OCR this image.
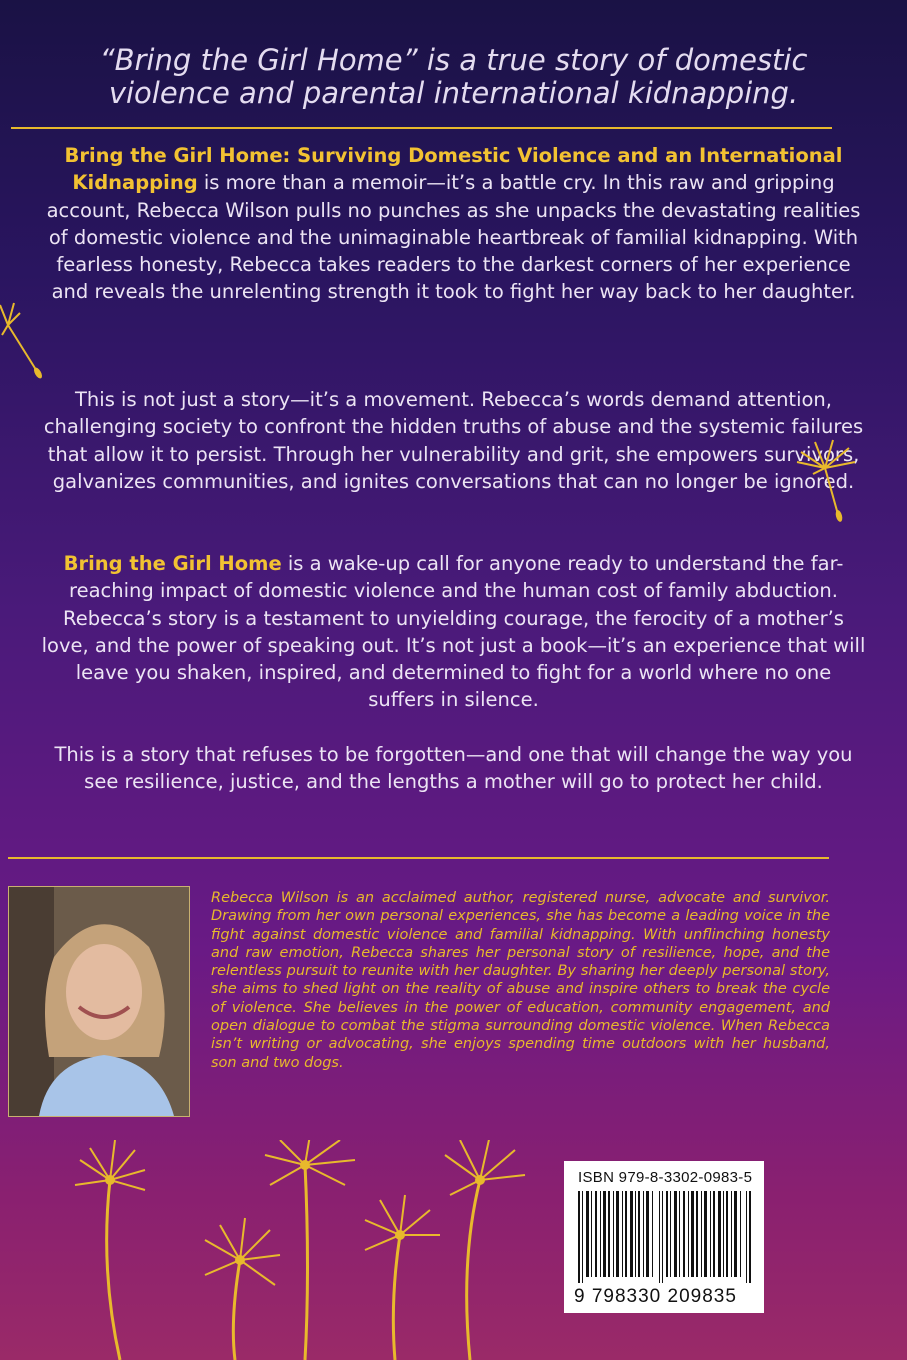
“Bring the Girl Home” is a true story of domestic violence and parental international kidnapping.

Bring the Girl Home: Surviving Domestic Violence and an International Kidnapping is more than a memoir—it’s a battle cry. In this raw and gripping account, Rebecca Wilson pulls no punches as she unpacks the devastating realities of domestic violence and the unimaginable heartbreak of familial kidnapping. With fearless honesty, Rebecca takes readers to the darkest corners of her experience and reveals the unrelenting strength it took to fight her way back to her daughter.

This is not just a story—it’s a movement. Rebecca’s words demand attention, challenging society to confront the hidden truths of abuse and the systemic failures that allow it to persist. Through her vulnerability and grit, she empowers survivors, galvanizes communities, and ignites conversations that can no longer be ignored.

Bring the Girl Home is a wake-up call for anyone ready to understand the far-reaching impact of domestic violence and the human cost of family abduction. Rebecca’s story is a testament to unyielding courage, the ferocity of a mother’s love, and the power of speaking out. It’s not just a book—it’s an experience that will leave you shaken, inspired, and determined to fight for a world where no one suffers in silence.

This is a story that refuses to be forgotten—and one that will change the way you see resilience, justice, and the lengths a mother will go to protect her child.

Rebecca Wilson is an acclaimed author, registered nurse, advocate and survivor. Drawing from her own personal experiences, she has become a leading voice in the fight against domestic violence and familial kidnapping. With unflinching honesty and raw emotion, Rebecca shares her personal story of resilience, hope, and the relentless pursuit to reunite with her daughter. By sharing her deeply personal story, she aims to shed light on the reality of abuse and inspire others to break the cycle of violence. She believes in the power of education, community engagement, and open dialogue to combat the stigma surrounding domestic violence. When Rebecca isn’t writing or advocating, she enjoys spending time outdoors with her husband, son and two dogs.

ISBN 979-8-3302-0983-5
9 798330 209835
